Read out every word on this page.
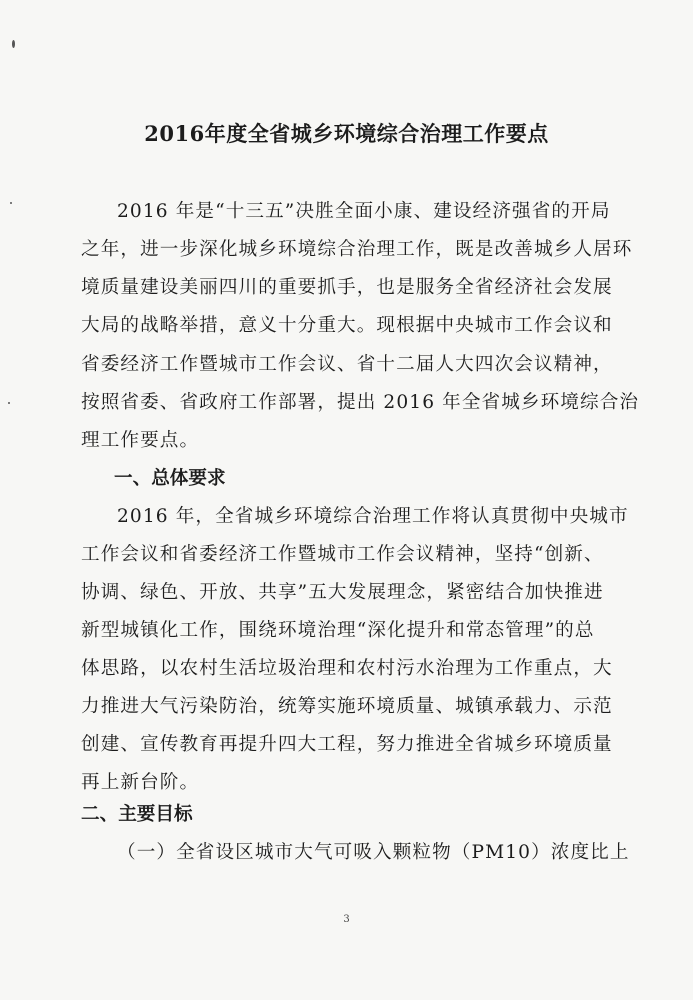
2016年度全省城乡环境综合治理工作要点
2016 年是“十三五”决胜全面小康、建设经济强省的开局
之年，进一步深化城乡环境综合治理工作，既是改善城乡人居环
境质量建设美丽四川的重要抓手，也是服务全省经济社会发展
大局的战略举措，意义十分重大。现根据中央城市工作会议和
省委经济工作暨城市工作会议、省十二届人大四次会议精神，
按照省委、省政府工作部署，提出 2016 年全省城乡环境综合治
理工作要点。
一、总体要求
2016 年，全省城乡环境综合治理工作将认真贯彻中央城市
工作会议和省委经济工作暨城市工作会议精神，坚持“创新、
协调、绿色、开放、共享”五大发展理念，紧密结合加快推进
新型城镇化工作，围绕环境治理“深化提升和常态管理”的总
体思路，以农村生活垃圾治理和农村污水治理为工作重点，大
力推进大气污染防治，统筹实施环境质量、城镇承载力、示范
创建、宣传教育再提升四大工程，努力推进全省城乡环境质量
再上新台阶。
二、主要目标
（一）全省设区城市大气可吸入颗粒物（PM10）浓度比上
3
